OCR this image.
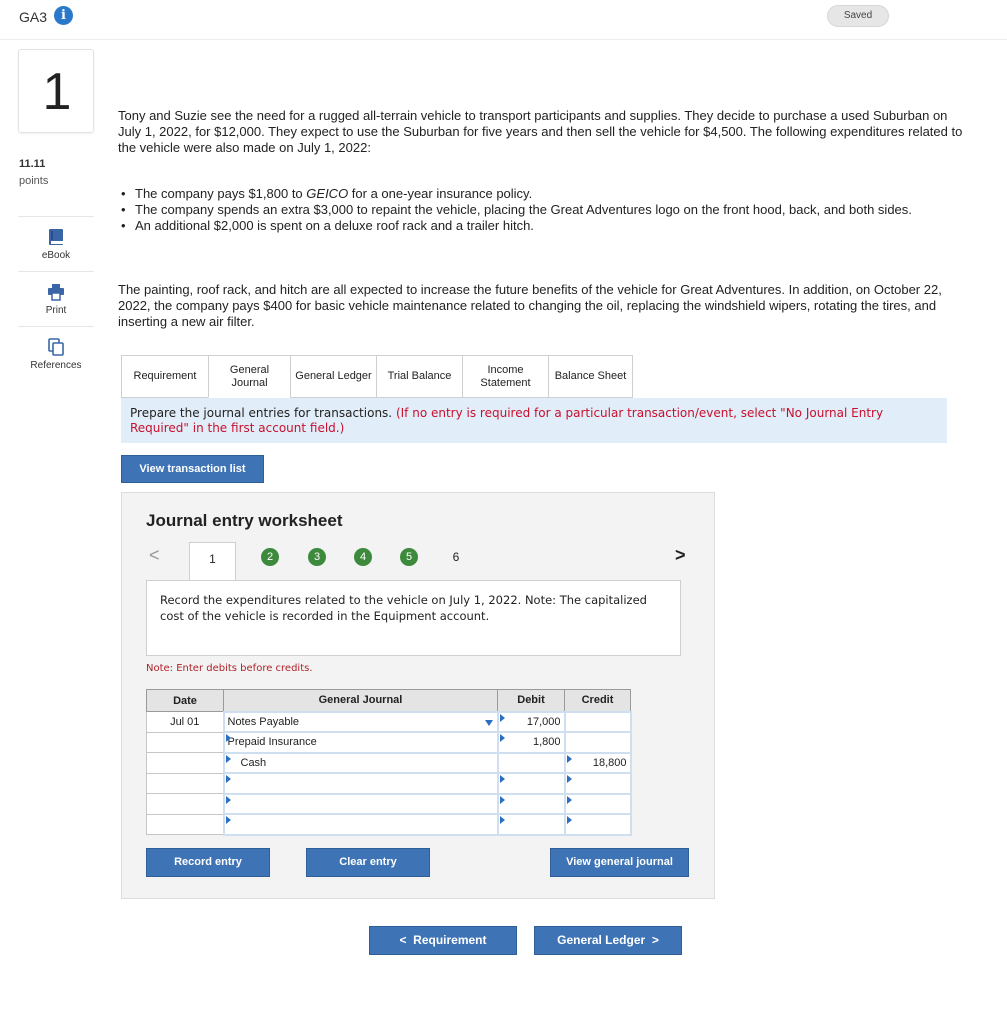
GA3	i	Saved
1
11.11
points
eBook
Print
References
Tony and Suzie see the need for a rugged all-terrain vehicle to transport participants and supplies. They decide to purchase a used Suburban on July 1, 2022, for $12,000. They expect to use the Suburban for five years and then sell the vehicle for $4,500. The following expenditures related to the vehicle were also made on July 1, 2022:
• The company pays $1,800 to GEICO for a one-year insurance policy.
• The company spends an extra $3,000 to repaint the vehicle, placing the Great Adventures logo on the front hood, back, and both sides.
• An additional $2,000 is spent on a deluxe roof rack and a trailer hitch.
The painting, roof rack, and hitch are all expected to increase the future benefits of the vehicle for Great Adventures. In addition, on October 22, 2022, the company pays $400 for basic vehicle maintenance related to changing the oil, replacing the windshield wipers, rotating the tires, and inserting a new air filter.
Requirement
General Journal
General Ledger	Trial Balance
Income Statement
Balance Sheet
Prepare the journal entries for transactions. (If no entry is required for a particular transaction/event, select "No Journal Entry Required" in the first account field.)
View transaction list
Journal entry worksheet
<	1	2	3	4	5	6	>
Record the expenditures related to the vehicle on July 1, 2022. Note: The capitalized cost of the vehicle is recorded in the Equipment account.
Note: Enter debits before credits.
Date	General Journal	Debit	Credit
Jul 01	Notes Payable	17,000	

Prepaid Insurance	1,800	

Cash		18,800

Record entry	Clear entry	View general journal
<  Requirement	General Ledger  >
